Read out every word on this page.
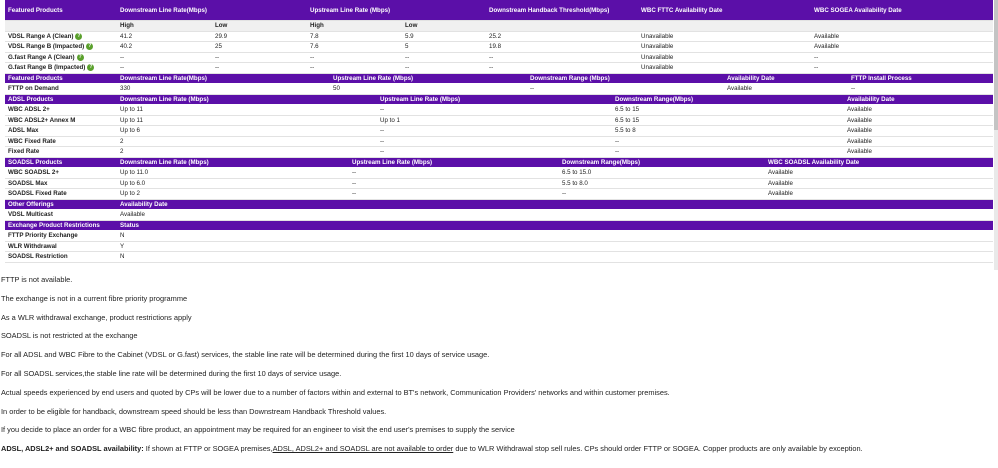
Featured Products	Downstream Line Rate(Mbps)		Upstream Line Rate (Mbps)		Downstream Handback Threshold(Mbps)	WBC FTTC Availability Date	WBC SOGEA Availability Date
	High	Low	High	Low			
VDSL Range A (Clean) ?	41.2	29.9	7.8	5.9	25.2	Unavailable	Available
VDSL Range B (Impacted) ?	40.2	25	7.6	5	19.8	Unavailable	Available
G.fast Range A (Clean) ?	--	--	--	--	--	Unavailable	--
G.fast Range B (Impacted) ?	--	--	--	--	--	Unavailable	--
Featured Products	Downstream Line Rate(Mbps)	Upstream Line Rate (Mbps)	Downstream Range (Mbps)	Availability Date	FTTP Install Process
FTTP on Demand	330	50	--	Available	--
ADSL Products	Downstream Line Rate (Mbps)	Upstream Line Rate (Mbps)	Downstream Range(Mbps)	Availability Date
WBC ADSL 2+	Up to 11	--	6.5 to 15	Available
WBC ADSL2+ Annex M	Up to 11	Up to 1	6.5 to 15	Available
ADSL Max	Up to 6	--	5.5 to 8	Available
WBC Fixed Rate	2	--	--	Available
Fixed Rate	2	--	--	Available
SOADSL Products	Downstream Line Rate (Mbps)	Upstream Line Rate (Mbps)	Downstream Range(Mbps)	WBC SOADSL Availability Date
WBC SOADSL 2+	Up to 11.0	--	6.5 to 15.0	Available
SOADSL Max	Up to 6.0	--	5.5 to 8.0	Available
SOADSL Fixed Rate	Up to 2	--	--	Available
Other Offerings	Availability Date
VDSL Multicast	Available
Exchange Product Restrictions	Status
FTTP Priority Exchange	N
WLR Withdrawal	Y
SOADSL Restriction	N

FTTP is not available.

The exchange is not in a current fibre priority programme

As a WLR withdrawal exchange, product restrictions apply

SOADSL is not restricted at the exchange

For all ADSL and WBC Fibre to the Cabinet (VDSL or G.fast) services, the stable line rate will be determined during the first 10 days of service usage.

For all SOADSL services,the stable line rate will be determined during the first 10 days of service usage.

Actual speeds experienced by end users and quoted by CPs will be lower due to a number of factors within and external to BT's network, Communication Providers' networks and within customer premises.

In order to be eligible for handback, downstream speed should be less than Downstream Handback Threshold values.

If you decide to place an order for a WBC fibre product, an appointment may be required for an engineer to visit the end user's premises to supply the service

ADSL, ADSL2+ and SOADSL availability: If shown at FTTP or SOGEA premises,ADSL, ADSL2+ and SOADSL are not available to order due to WLR Withdrawal stop sell rules. CPs should order FTTP or SOGEA. Copper products are only available by exception.
